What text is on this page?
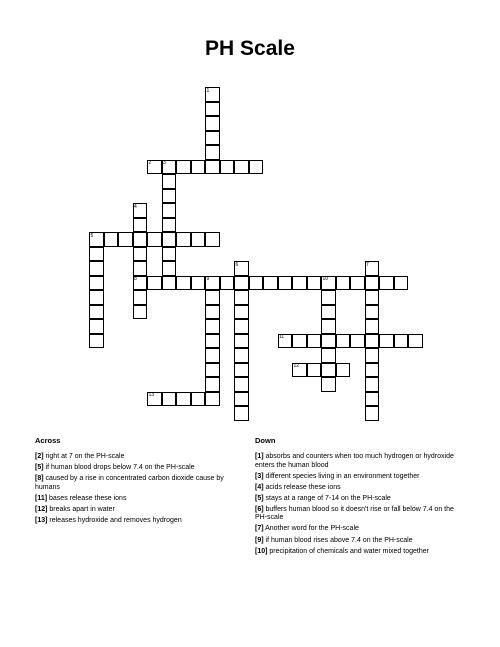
PH Scale
1
2 3
4
5
6	7
8	9	10
11
12
13
Across	Down
[2] right at 7 on the PH-scale
[5] if human blood drops below 7.4 on the PH-scale
[8] caused by a rise in concentrated carbon dioxide cause by humans
[11] bases release these ions
[12] breaks apart in water
[13] releases hydroxide and removes hydrogen
[1] absorbs and counters when too much hydrogen or hydroxide enters the human blood
[3] different species living in an environment together
[4] acids release these ions
[5] stays at a range of 7-14 on the PH-scale
[6] buffers human blood so it doesn't rise or fall below 7.4 on the PH-scale
[7] Another word for the PH-scale
[9] if human blood rises above 7.4 on the PH-scale
[10] precipitation of chemicals and water mixed together
